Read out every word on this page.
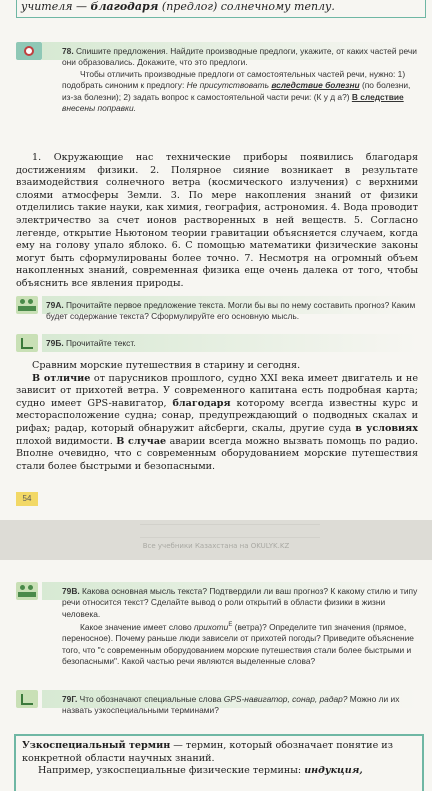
учителя — благодаря (предлог) солнечному теплу.

78. Спишите предложения. Найдите производные предлоги, укажите, от каких частей речи они образовались. Докажите, что это предлоги.

Чтобы отличить производные предлоги от самостоятельных частей речи, нужно: 1) подобрать синоним к предлогу: Не присутствовать вследствие болезни (по болезни, из-за болезни); 2) задать вопрос к самостоятельной части речи: (К у д а?) В следствие внесены поправки.

1. Окружающие нас технические приборы появились благодаря достижениям физики. 2. Полярное сияние возникает в результате взаимодействия солнечного ветра (космического излучения) с верхними слоями атмосферы Земли. 3. По мере накопления знаний от физики отделились такие науки, как химия, география, астрономия. 4. Вода проводит электричество за счет ионов растворенных в ней веществ. 5. Согласно легенде, открытие Ньютоном теории гравитации объясняется случаем, когда ему на голову упало яблоко. 6. С помощью математики физические законы могут быть сформулированы более точно. 7. Несмотря на огромный объем накопленных знаний, современная физика еще очень далека от того, чтобы объяснить все явления природы.

79А. Прочитайте первое предложение текста. Могли бы вы по нему составить прогноз? Каким будет содержание текста? Сформулируйте его основную мысль.

79Б. Прочитайте текст.

Сравним морские путешествия в старину и сегодня.

В отличие от парусников прошлого, судно XXI века имеет двигатель и не зависит от прихотей ветра. У современного капитана есть подробная карта; судно имеет GPS-навигатор, благодаря которому всегда известны курс и месторасположение судна; сонар, предупреждающий о подводных скалах и рифах; радар, который обнаружит айсберги, скалы, другие суда в условиях плохой видимости. В случае аварии всегда можно вызвать помощь по радио. Вполне очевидно, что с современным оборудованием морские путешествия стали более быстрыми и безопасными.

54
Все учебники Казахстана на OKULYK.KZ

79В. Какова основная мысль текста? Подтвердили ли ваш прогноз? К какому стилю и типу речи относится текст? Сделайте вывод о роли открытий в области физики в жизни человека.

Какое значение имеет слово прихоти$^Е$ (ветра)? Определите тип значения (прямое, переносное). Почему раньше люди зависели от прихотей погоды? Приведите объяснение того, что "с современным оборудованием морские путешествия стали более быстрыми и безопасными". Какой частью речи являются выделенные слова?

79Г. Что обозначают специальные слова GPS-навигатор, сонар, радар? Можно ли их назвать узкоспециальными терминами?

Узкоспециальный термин — термин, который обозначает понятие из конкретной области научных знаний.

Например, узкоспециальные физические термины: индукция,
